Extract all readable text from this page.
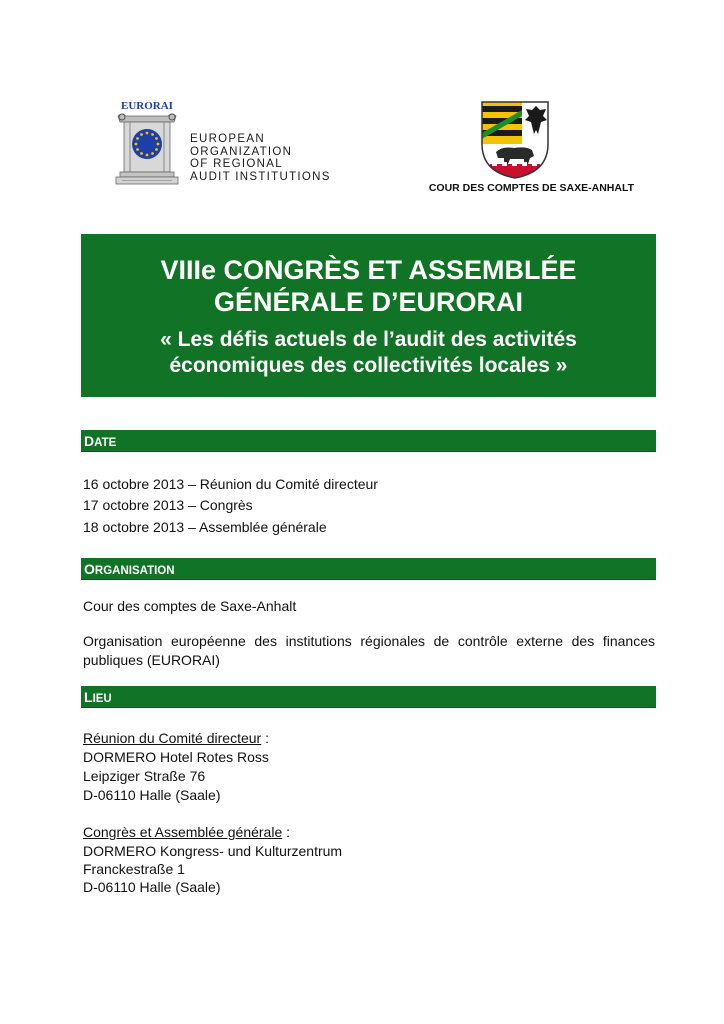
EURORAI
EUROPEAN
ORGANIZATION
OF REGIONAL
AUDIT INSTITUTIONS
COUR DES COMPTES DE SAXE-ANHALT
VIIIe CONGRÈS ET ASSEMBLÉE
GÉNÉRALE D’EURORAI
« Les défis actuels de l’audit des activités
économiques des collectivités locales »
DATE
16 octobre 2013 – Réunion du Comité directeur
17 octobre 2013 – Congrès
18 octobre 2013 – Assemblée générale
ORGANISATION
Cour des comptes de Saxe-Anhalt
Organisation européenne des institutions régionales de contrôle externe des finances publiques (EURORAI)
LIEU
Réunion du Comité directeur :
DORMERO Hotel Rotes Ross
Leipziger Straße 76
D-06110 Halle (Saale)
Congrès et Assemblée générale :
DORMERO Kongress- und Kulturzentrum
Franckestraße 1
D-06110 Halle (Saale)
